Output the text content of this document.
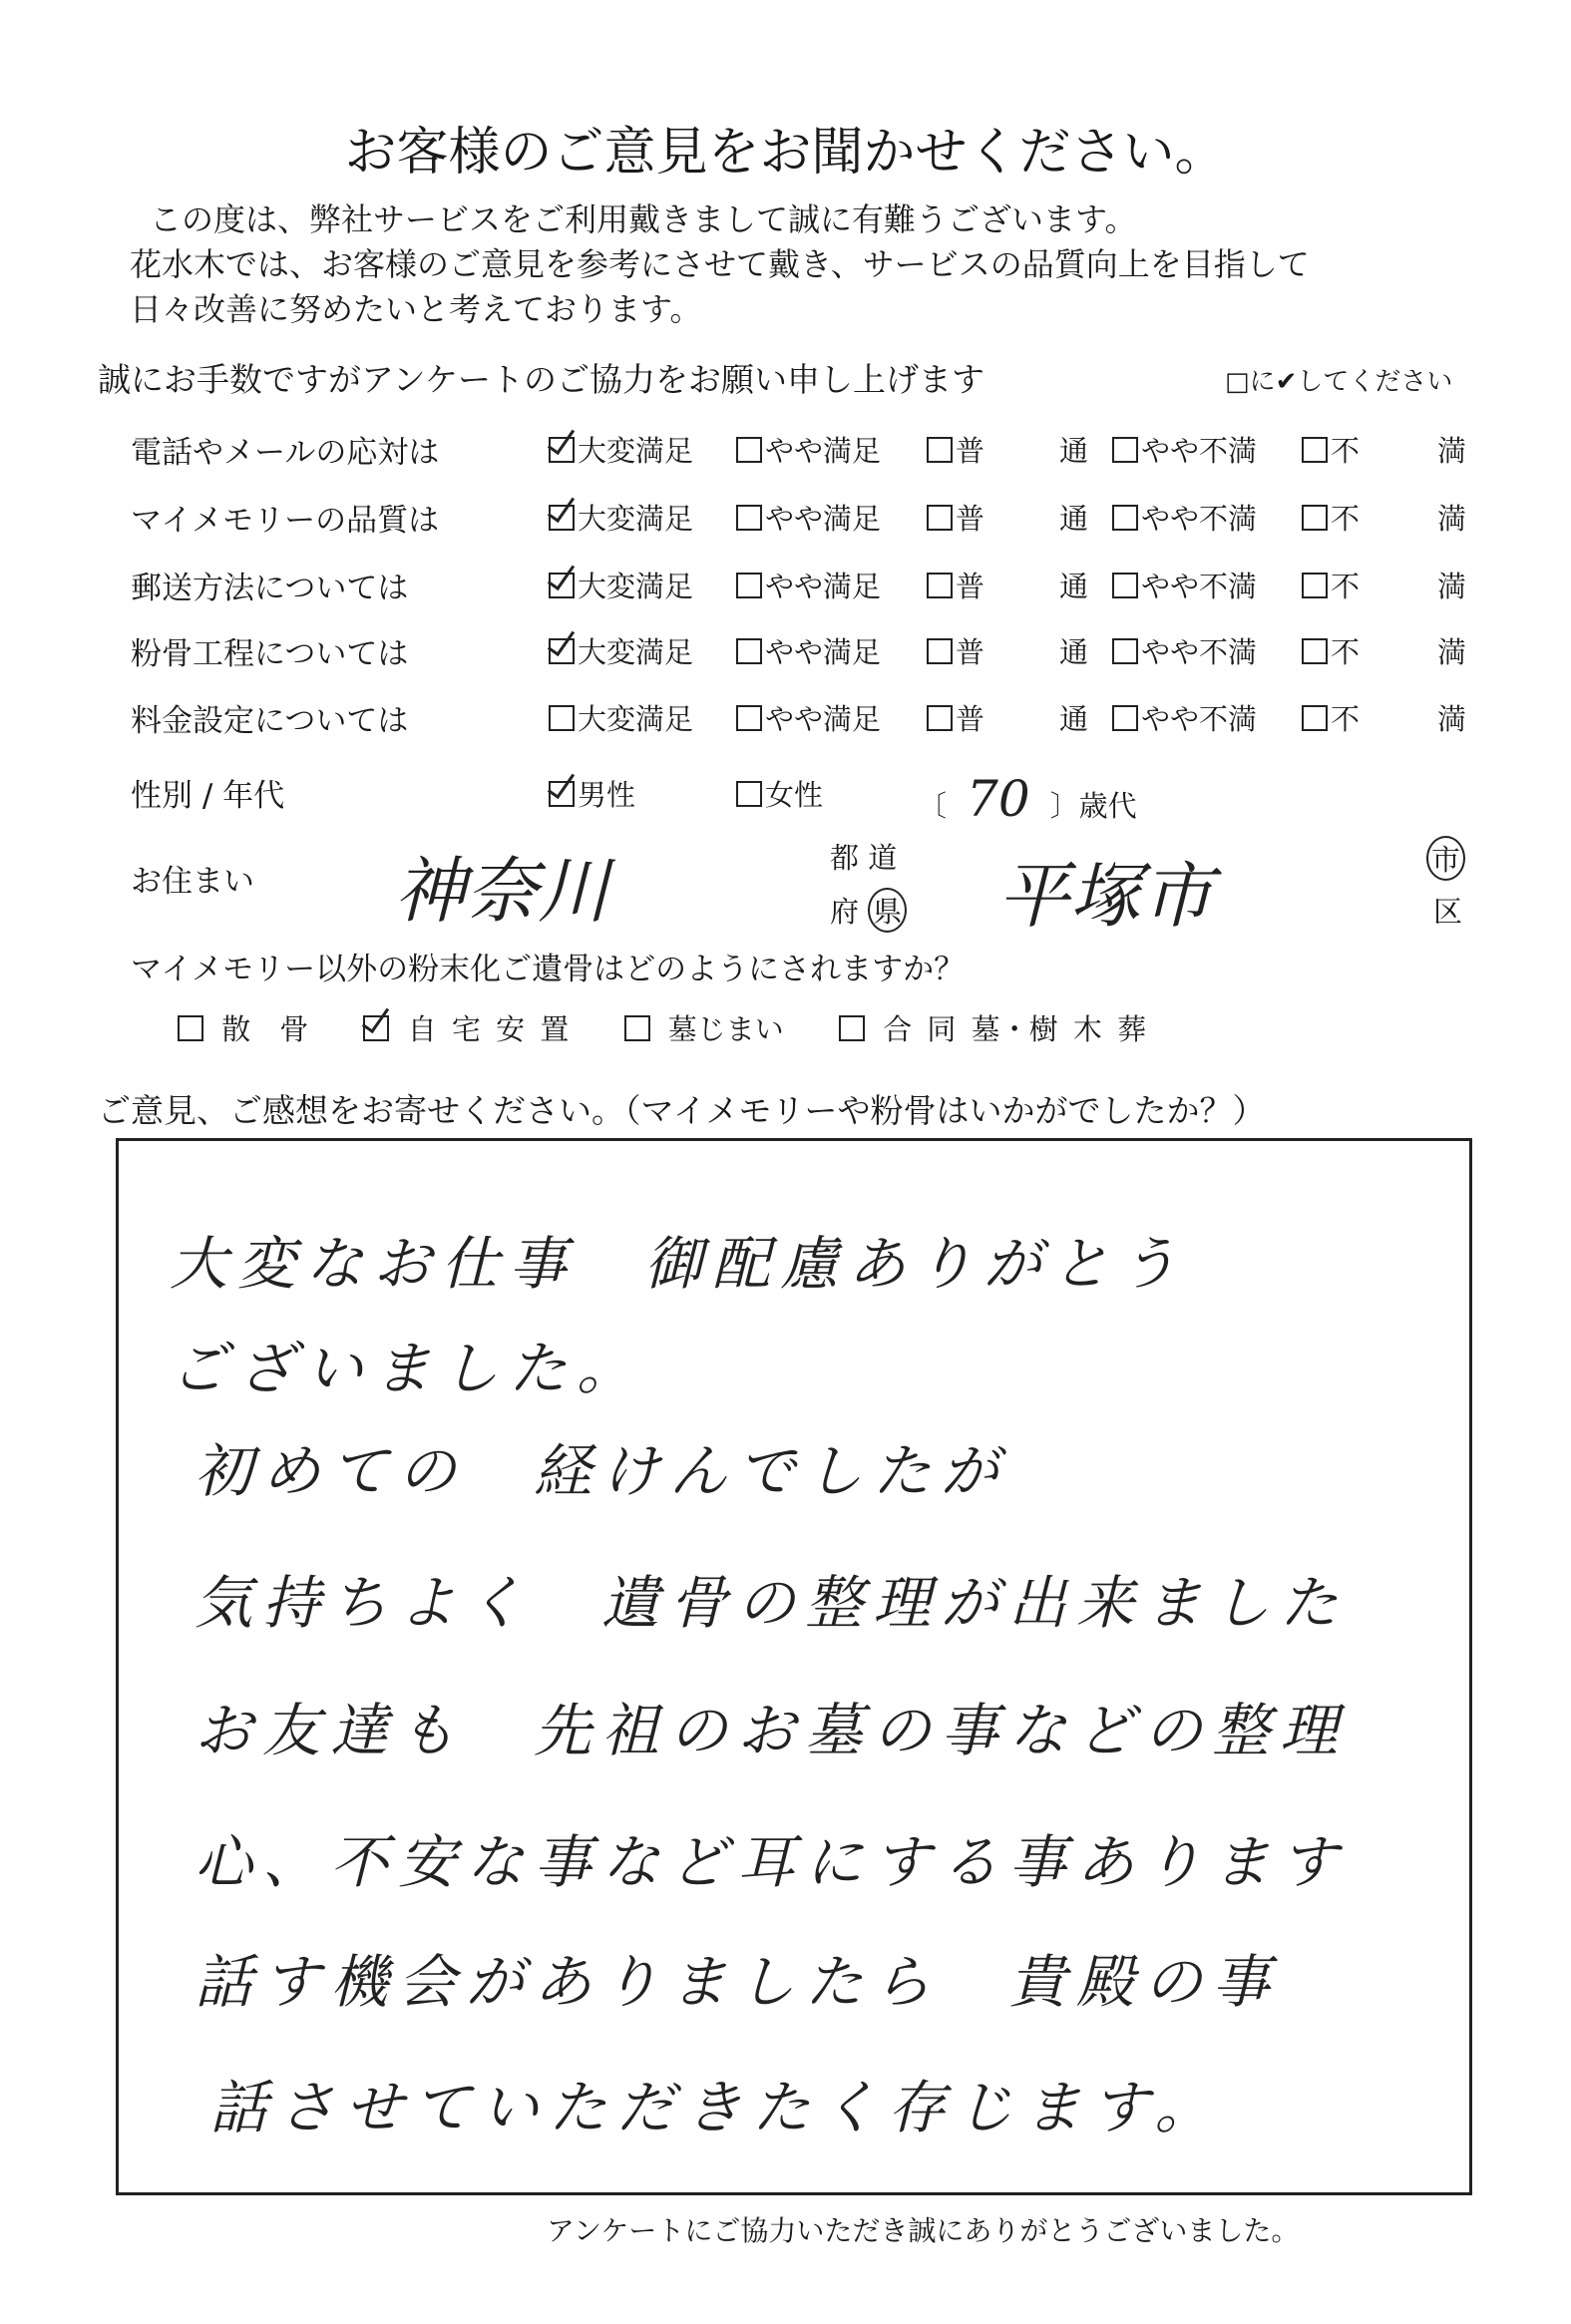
お客様のご意見をお聞かせください。
この度は、弊社サービスをご利用戴きまして誠に有難うございます。
花水木では、お客様のご意見を参考にさせて戴き、サービスの品質向上を目指して
日々改善に努めたいと考えております。
誠にお手数ですがアンケートのご協力をお願い申し上げます	□に✔してください
電話やメールの応対は	大変満足	やや満足	普	通	やや不満	不	満
マイメモリーの品質は	大変満足	やや満足	普	通	やや不満	不	満
郵送方法については	大変満足	やや満足	普	通	やや不満	不	満
粉骨工程については	大変満足	やや満足	普	通	やや不満	不	満
料金設定については	大変満足	やや満足	普	通	やや不満	不	満
性別 / 年代	男性	女性	〔 70 〕歳代
お住まい 神奈川	都 道
府 県 平塚市	市
区
マイメモリー以外の粉末化ご遺骨はどのようにされますか？
散　骨	自 宅 安 置	墓じまい	合 同 墓・樹 木 葬
ご意見、ご感想をお寄せください。（マイメモリーや粉骨はいかがでしたか？）
大変なお仕事　御配慮ありがとう
ございました。
初めての　経けんでしたが
気持ちよく　遺骨の整理が出来ました
お友達も　先祖のお墓の事などの整理
心、不安な事など耳にする事あります
話す機会がありましたら　貴殿の事
話させていただきたく存じます。
アンケートにご協力いただき誠にありがとうございました。
